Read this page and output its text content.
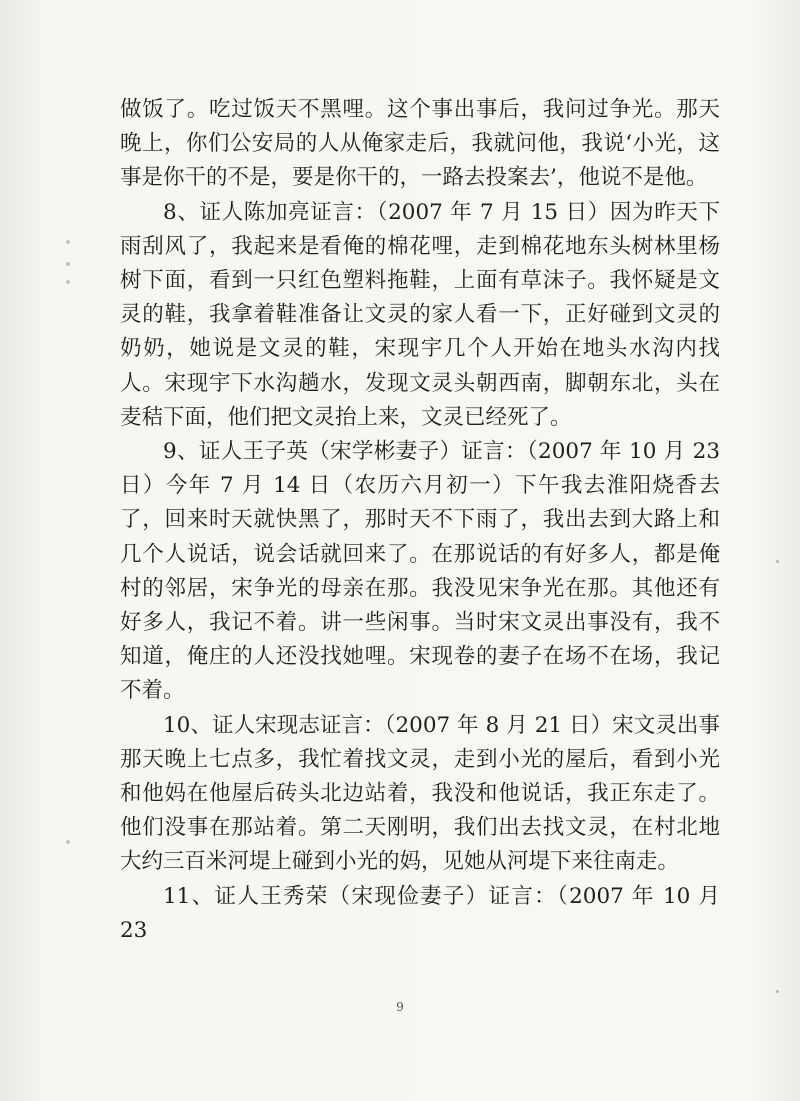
做饭了。吃过饭天不黑哩。这个事出事后，我问过争光。那天晚上，你们公安局的人从俺家走后，我就问他，我说‘小光，这事是你干的不是，要是你干的，一路去投案去’，他说不是他。

8、证人陈加亮证言：（2007 年 7 月 15 日）因为昨天下雨刮风了，我起来是看俺的棉花哩，走到棉花地东头树林里杨树下面，看到一只红色塑料拖鞋，上面有草沫子。我怀疑是文灵的鞋，我拿着鞋准备让文灵的家人看一下，正好碰到文灵的奶奶，她说是文灵的鞋，宋现宇几个人开始在地头水沟内找人。宋现宇下水沟趟水，发现文灵头朝西南，脚朝东北，头在麦秸下面，他们把文灵抬上来，文灵已经死了。

9、证人王子英（宋学彬妻子）证言：（2007 年 10 月 23 日）今年 7 月 14 日（农历六月初一）下午我去淮阳烧香去了，回来时天就快黑了，那时天不下雨了，我出去到大路上和几个人说话，说会话就回来了。在那说话的有好多人，都是俺村的邻居，宋争光的母亲在那。我没见宋争光在那。其他还有好多人，我记不着。讲一些闲事。当时宋文灵出事没有，我不知道，俺庄的人还没找她哩。宋现卷的妻子在场不在场，我记不着。

10、证人宋现志证言：（2007 年 8 月 21 日）宋文灵出事那天晚上七点多，我忙着找文灵，走到小光的屋后，看到小光和他妈在他屋后砖头北边站着，我没和他说话，我正东走了。他们没事在那站着。第二天刚明，我们出去找文灵，在村北地大约三百米河堤上碰到小光的妈，见她从河堤下来往南走。

11、证人王秀荣（宋现俭妻子）证言：（2007 年 10 月 23

9
